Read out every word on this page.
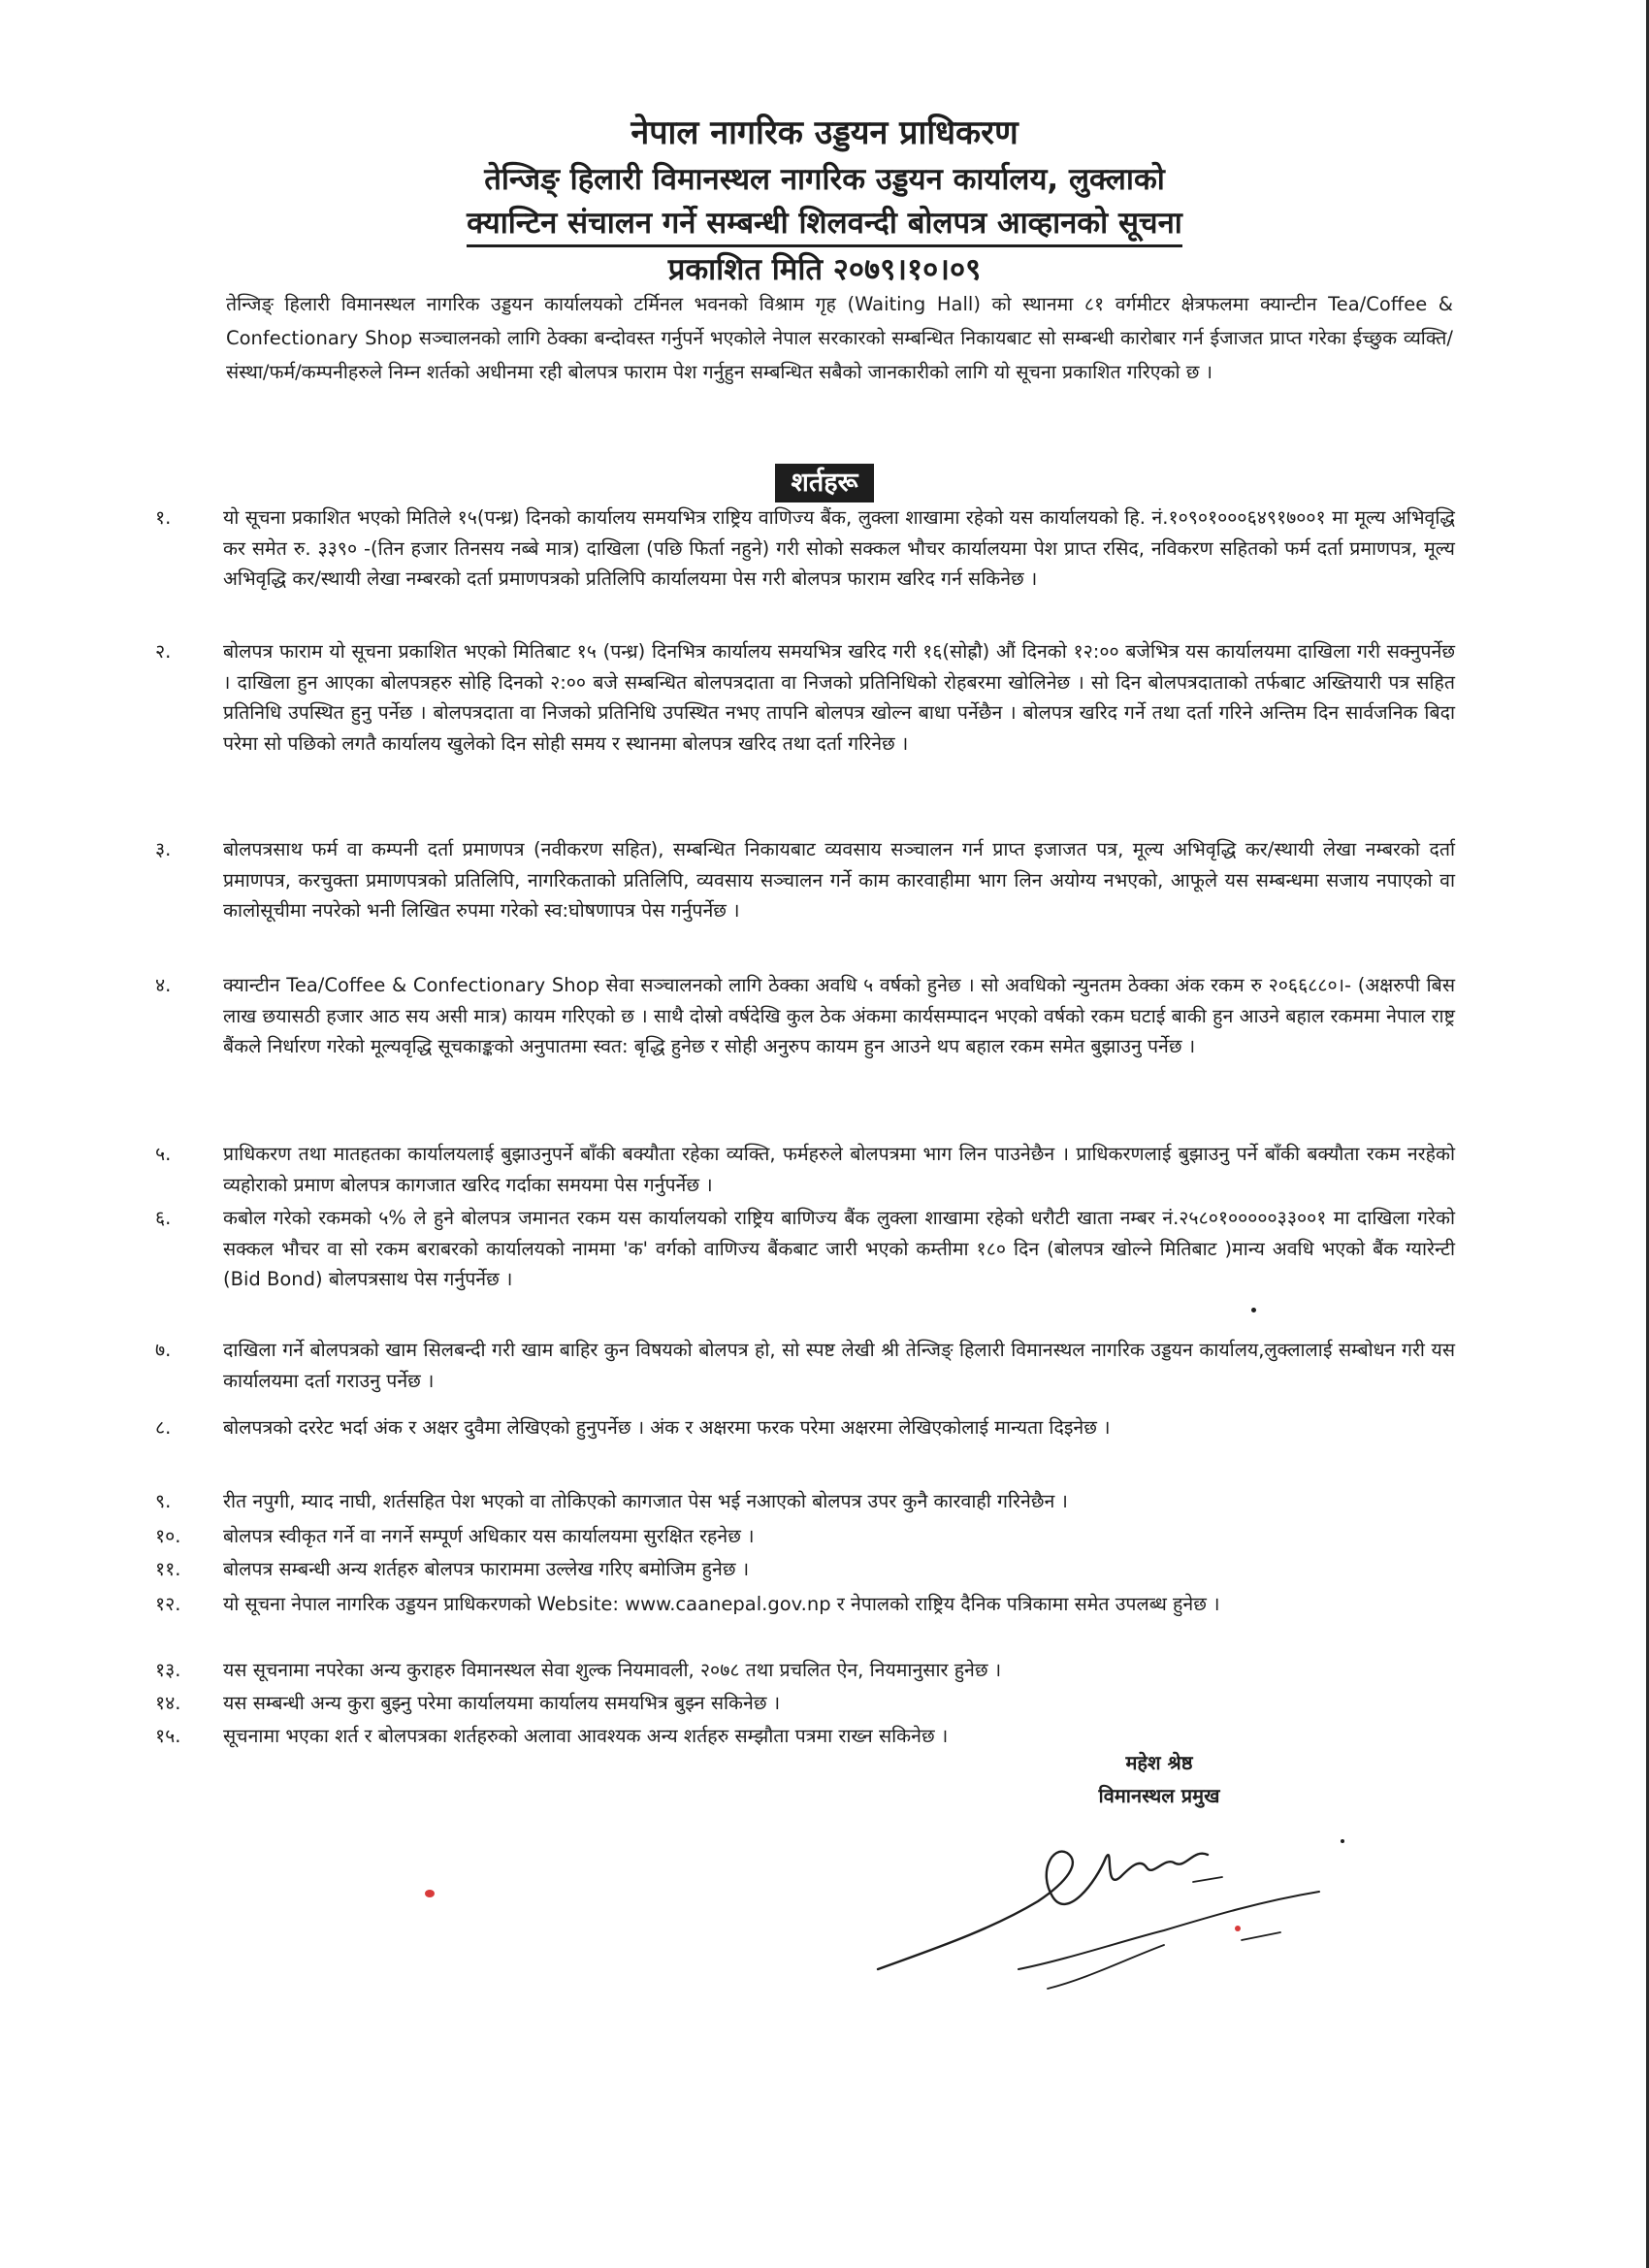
नेपाल नागरिक उड्डयन प्राधिकरण
तेन्जिङ् हिलारी विमानस्थल नागरिक उड्डयन कार्यालय, लुक्लाको
क्यान्टिन संचालन गर्ने सम्बन्धी शिलवन्दी बोलपत्र आव्हानको सूचना
प्रकाशित मिति २०७९।१०।०९
तेन्जिङ् हिलारी विमानस्थल नागरिक उड्डयन कार्यालयको टर्मिनल भवनको विश्राम गृह (Waiting Hall) को स्थानमा ८१ वर्गमीटर क्षेत्रफलमा क्यान्टीन Tea/Coffee & Confectionary Shop सञ्चालनको लागि ठेक्का बन्दोवस्त गर्नुपर्ने भएकोले नेपाल सरकारको सम्बन्धित निकायबाट सो सम्बन्धी कारोबार गर्न ईजाजत प्राप्त गरेका ईच्छुक व्यक्ति/संस्था/फर्म/कम्पनीहरुले निम्न शर्तको अधीनमा रही बोलपत्र फाराम पेश गर्नुहुन सम्बन्धित सबैको जानकारीको लागि यो सूचना प्रकाशित गरिएको छ ।
शर्तहरू
१.	यो सूचना प्रकाशित भएको मितिले १५(पन्ध्र) दिनको कार्यालय समयभित्र राष्ट्रिय वाणिज्य बैंक, लुक्ला शाखामा रहेको यस कार्यालयको हि. नं.१०९०१०००६४९१७००१ मा मूल्य अभिवृद्धि कर समेत रु. ३३९० -(तिन हजार तिनसय नब्बे मात्र) दाखिला (पछि फिर्ता नहुने) गरी सोको सक्कल भौचर कार्यालयमा पेश प्राप्त रसिद, नविकरण सहितको फर्म दर्ता प्रमाणपत्र, मूल्य अभिवृद्धि कर/स्थायी लेखा नम्बरको दर्ता प्रमाणपत्रको प्रतिलिपि कार्यालयमा पेस गरी बोलपत्र फाराम खरिद गर्न सकिनेछ ।
२.	बोलपत्र फाराम यो सूचना प्रकाशित भएको मितिबाट १५ (पन्ध्र) दिनभित्र कार्यालय समयभित्र खरिद गरी १६(सोह्रौ) औं दिनको १२:०० बजेभित्र यस कार्यालयमा दाखिला गरी सक्नुपर्नेछ । दाखिला हुन आएका बोलपत्रहरु सोहि दिनको २:०० बजे सम्बन्धित बोलपत्रदाता वा निजको प्रतिनिधिको रोहबरमा खोलिनेछ । सो दिन बोलपत्रदाताको तर्फबाट अख्तियारी पत्र सहित प्रतिनिधि उपस्थित हुनु पर्नेछ । बोलपत्रदाता वा निजको प्रतिनिधि उपस्थित नभए तापनि बोलपत्र खोल्न बाधा पर्नेछैन । बोलपत्र खरिद गर्ने तथा दर्ता गरिने अन्तिम दिन सार्वजनिक बिदा परेमा सो पछिको लगतै कार्यालय खुलेको दिन सोही समय र स्थानमा बोलपत्र खरिद तथा दर्ता गरिनेछ ।
३.	बोलपत्रसाथ फर्म वा कम्पनी दर्ता प्रमाणपत्र (नवीकरण सहित), सम्बन्धित निकायबाट व्यवसाय सञ्चालन गर्न प्राप्त इजाजत पत्र, मूल्य अभिवृद्धि कर/स्थायी लेखा नम्बरको दर्ता प्रमाणपत्र, करचुक्ता प्रमाणपत्रको प्रतिलिपि, नागरिकताको प्रतिलिपि, व्यवसाय सञ्चालन गर्ने काम कारवाहीमा भाग लिन अयोग्य नभएको, आफूले यस सम्बन्धमा सजाय नपाएको वा कालोसूचीमा नपरेको भनी लिखित रुपमा गरेको स्व:घोषणापत्र पेस गर्नुपर्नेछ ।
४.	क्यान्टीन Tea/Coffee & Confectionary Shop सेवा सञ्चालनको लागि ठेक्का अवधि ५ वर्षको हुनेछ । सो अवधिको न्युनतम ठेक्का अंक रकम रु २०६६८८०।- (अक्षरुपी बिस लाख छयासठी हजार आठ सय असी मात्र) कायम गरिएको छ । साथै दोस्रो वर्षदेखि कुल ठेक अंकमा कार्यसम्पादन भएको वर्षको रकम घटाई बाकी हुन आउने बहाल रकममा नेपाल राष्ट्र बैंकले निर्धारण गरेको मूल्यवृद्धि सूचकाङ्कको अनुपातमा स्वत: बृद्धि हुनेछ र सोही अनुरुप कायम हुन आउने थप बहाल रकम समेत बुझाउनु पर्नेछ ।
५.	प्राधिकरण तथा मातहतका कार्यालयलाई बुझाउनुपर्ने बाँकी बक्यौता रहेका व्यक्ति, फर्महरुले बोलपत्रमा भाग लिन पाउनेछैन । प्राधिकरणलाई बुझाउनु पर्ने बाँकी बक्यौता रकम नरहेको व्यहोराको प्रमाण बोलपत्र कागजात खरिद गर्दाका समयमा पेस गर्नुपर्नेछ ।
६.	कबोल गरेको रकमको ५% ले हुने बोलपत्र जमानत रकम यस कार्यालयको राष्ट्रिय बाणिज्य बैंक लुक्ला शाखामा रहेको धरौटी खाता नम्बर नं.२५८०१०००००३३००१ मा दाखिला गरेको सक्कल भौचर वा सो रकम बराबरको कार्यालयको नाममा 'क' वर्गको वाणिज्य बैंकबाट जारी भएको कम्तीमा १८० दिन (बोलपत्र खोल्ने मितिबाट )मान्य अवधि भएको बैंक ग्यारेन्टी (Bid Bond) बोलपत्रसाथ पेस गर्नुपर्नेछ ।
७.	दाखिला गर्ने बोलपत्रको खाम सिलबन्दी गरी खाम बाहिर कुन विषयको बोलपत्र हो, सो स्पष्ट लेखी श्री तेन्जिङ् हिलारी विमानस्थल नागरिक उड्डयन कार्यालय,लुक्लालाई सम्बोधन गरी यस कार्यालयमा दर्ता गराउनु पर्नेछ ।
८.	बोलपत्रको दररेट भर्दा अंक र अक्षर दुवैमा लेखिएको हुनुपर्नेछ । अंक र अक्षरमा फरक परेमा अक्षरमा लेखिएकोलाई मान्यता दिइनेछ ।
९.	रीत नपुगी, म्याद नाघी, शर्तसहित पेश भएको वा तोकिएको कागजात पेस भई नआएको बोलपत्र उपर कुनै कारवाही गरिनेछैन ।
१०.	बोलपत्र स्वीकृत गर्ने वा नगर्ने सम्पूर्ण अधिकार यस कार्यालयमा सुरक्षित रहनेछ ।
११.	बोलपत्र सम्बन्धी अन्य शर्तहरु बोलपत्र फाराममा उल्लेख गरिए बमोजिम हुनेछ ।
१२.	यो सूचना नेपाल नागरिक उड्डयन प्राधिकरणको Website: www.caanepal.gov.np र नेपालको राष्ट्रिय दैनिक पत्रिकामा समेत उपलब्ध हुनेछ ।
१३.	यस सूचनामा नपरेका अन्य कुराहरु विमानस्थल सेवा शुल्क नियमावली, २०७८ तथा प्रचलित ऐन, नियमानुसार हुनेछ ।
१४.	यस सम्बन्धी अन्य कुरा बुझ्नु परेमा कार्यालयमा कार्यालय समयभित्र बुझ्न सकिनेछ ।
१५.	सूचनामा भएका शर्त र बोलपत्रका शर्तहरुको अलावा आवश्यक अन्य शर्तहरु सम्झौता पत्रमा राख्न सकिनेछ ।
महेश श्रेष्ठ
विमानस्थल प्रमुख
